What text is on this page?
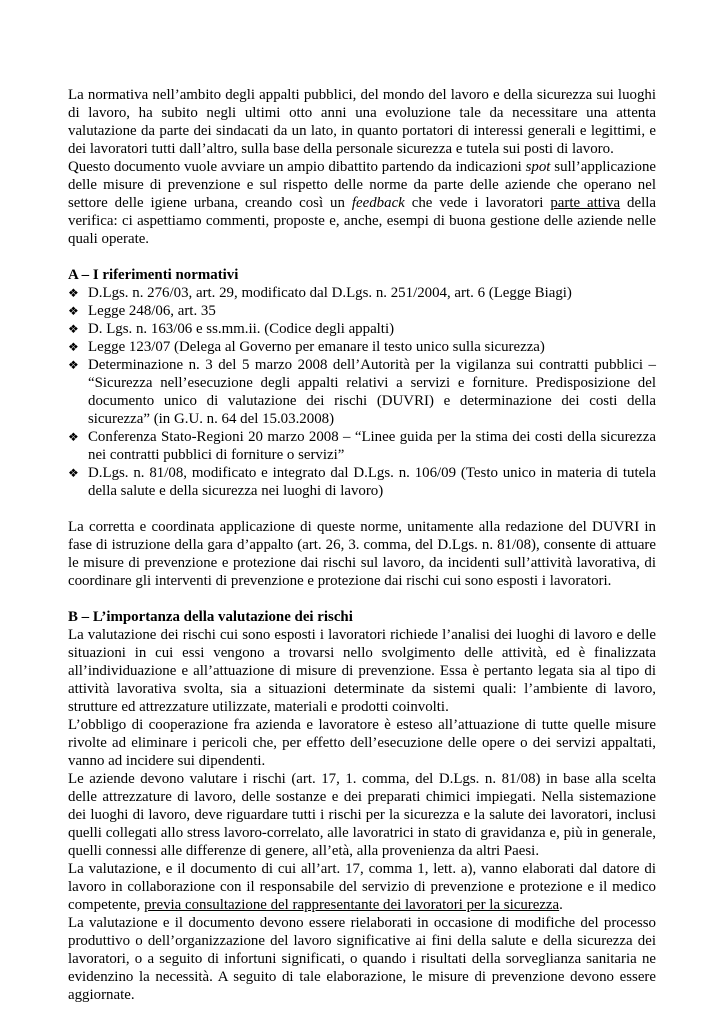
La normativa nell’ambito degli appalti pubblici, del mondo del lavoro e della sicurezza sui luoghi di lavoro, ha subito negli ultimi otto anni una evoluzione tale da necessitare una attenta valutazione da parte dei sindacati da un lato, in quanto portatori di interessi generali e legittimi, e dei lavoratori tutti dall’altro, sulla base della personale sicurezza e tutela sui posti di lavoro.

Questo documento vuole avviare un ampio dibattito partendo da indicazioni spot sull’applicazione delle misure di prevenzione e sul rispetto delle norme da parte delle aziende che operano nel settore delle igiene urbana, creando così un feedback che vede i lavoratori parte attiva della verifica: ci aspettiamo commenti, proposte e, anche, esempi di buona gestione delle aziende nelle quali operate.

A – I riferimenti normativi
❖ D.Lgs. n. 276/03, art. 29, modificato dal D.Lgs. n. 251/2004, art. 6 (Legge Biagi)
❖ Legge 248/06, art. 35
❖ D. Lgs. n. 163/06 e ss.mm.ii. (Codice degli appalti)
❖ Legge 123/07 (Delega al Governo per emanare il testo unico sulla sicurezza)
❖ Determinazione n. 3 del 5 marzo 2008 dell’Autorità per la vigilanza sui contratti pubblici – “Sicurezza nell’esecuzione degli appalti relativi a servizi e forniture. Predisposizione del documento unico di valutazione dei rischi (DUVRI) e determinazione dei costi della sicurezza” (in G.U. n. 64 del 15.03.2008)
❖ Conferenza Stato-Regioni 20 marzo 2008 – “Linee guida per la stima dei costi della sicurezza nei contratti pubblici di forniture o servizi”
❖ D.Lgs. n. 81/08, modificato e integrato dal D.Lgs. n. 106/09 (Testo unico in materia di tutela della salute e della sicurezza nei luoghi di lavoro)

La corretta e coordinata applicazione di queste norme, unitamente alla redazione del DUVRI in fase di istruzione della gara d’appalto (art. 26, 3. comma, del D.Lgs. n. 81/08), consente di attuare le misure di prevenzione e protezione dai rischi sul lavoro, da incidenti sull’attività lavorativa, di coordinare gli interventi di prevenzione e protezione dai rischi cui sono esposti i lavoratori.

B – L’importanza della valutazione dei rischi

La valutazione dei rischi cui sono esposti i lavoratori richiede l’analisi dei luoghi di lavoro e delle situazioni in cui essi vengono a trovarsi nello svolgimento delle attività, ed è finalizzata all’individuazione e all’attuazione di misure di prevenzione. Essa è pertanto legata sia al tipo di attività lavorativa svolta, sia a situazioni determinate da sistemi quali: l’ambiente di lavoro, strutture ed attrezzature utilizzate, materiali e prodotti coinvolti.

L’obbligo di cooperazione fra azienda e lavoratore è esteso all’attuazione di tutte quelle misure rivolte ad eliminare i pericoli che, per effetto dell’esecuzione delle opere o dei servizi appaltati, vanno ad incidere sui dipendenti.

Le aziende devono valutare i rischi (art. 17, 1. comma, del D.Lgs. n. 81/08) in base alla scelta delle attrezzature di lavoro, delle sostanze e dei preparati chimici impiegati. Nella sistemazione dei luoghi di lavoro, deve riguardare tutti i rischi per la sicurezza e la salute dei lavoratori, inclusi quelli collegati allo stress lavoro-correlato, alle lavoratrici in stato di gravidanza e, più in generale, quelli connessi alle differenze di genere, all’età, alla provenienza da altri Paesi.

La valutazione, e il documento di cui all’art. 17, comma 1, lett. a), vanno elaborati dal datore di lavoro in collaborazione con il responsabile del servizio di prevenzione e protezione e il medico competente, previa consultazione del rappresentante dei lavoratori per la sicurezza.

La valutazione e il documento devono essere rielaborati in occasione di modifiche del processo produttivo o dell’organizzazione del lavoro significative ai fini della salute e della sicurezza dei lavoratori, o a seguito di infortuni significati, o quando i risultati della sorveglianza sanitaria ne evidenzino la necessità. A seguito di tale elaborazione, le misure di prevenzione devono essere aggiornate.
